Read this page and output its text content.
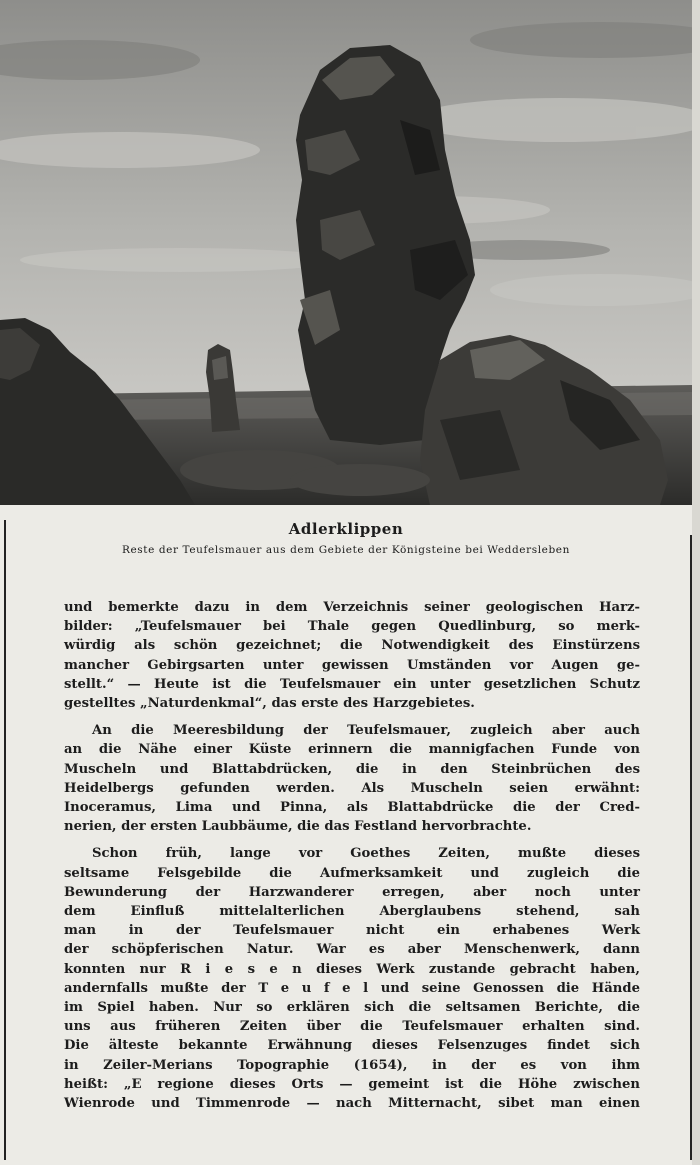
Adlerklippen

Reste der Teufelsmauer aus dem Gebiete der Königsteine bei Weddersleben

und bemerkte dazu in dem Verzeichnis seiner geologischen Harz-
bilder: „Teufelsmauer bei Thale gegen Quedlinburg, so merk-
würdig als schön gezeichnet; die Notwendigkeit des Einstürzens
mancher Gebirgsarten unter gewissen Umständen vor Augen ge-
stellt.“ — Heute ist die Teufelsmauer ein unter gesetzlichen Schutz
gestelltes „Naturdenkmal“, das erste des Harzgebietes.

An die Meeresbildung der Teufelsmauer, zugleich aber auch
an die Nähe einer Küste erinnern die mannigfachen Funde von
Muscheln und Blattabdrücken, die in den Steinbrüchen des
Heidelbergs gefunden werden. Als Muscheln seien erwähnt:
Inoceramus, Lima und Pinna, als Blattabdrücke die der Cred-
nerien, der ersten Laubbäume, die das Festland hervorbrachte.

Schon früh, lange vor Goethes Zeiten, mußte dieses
seltsame Felsgebilde die Aufmerksamkeit und zugleich die
Bewunderung der Harzwanderer erregen, aber noch unter
dem Einfluß mittelalterlichen Aberglaubens stehend, sah
man in der Teufelsmauer nicht ein erhabenes Werk
der schöpferischen Natur. War es aber Menschenwerk, dann
konnten nur R i e s e n dieses Werk zustande gebracht haben,
andernfalls mußte der T e u f e l und seine Genossen die Hände
im Spiel haben. Nur so erklären sich die seltsamen Berichte, die
uns aus früheren Zeiten über die Teufelsmauer erhalten sind.
Die älteste bekannte Erwähnung dieses Felsenzuges findet sich
in Zeiler-Merians Topographie (1654), in der es von ihm
heißt: „E regione dieses Orts — gemeint ist die Höhe zwischen
Wienrode und Timmenrode — nach Mitternacht, sibet man einen
